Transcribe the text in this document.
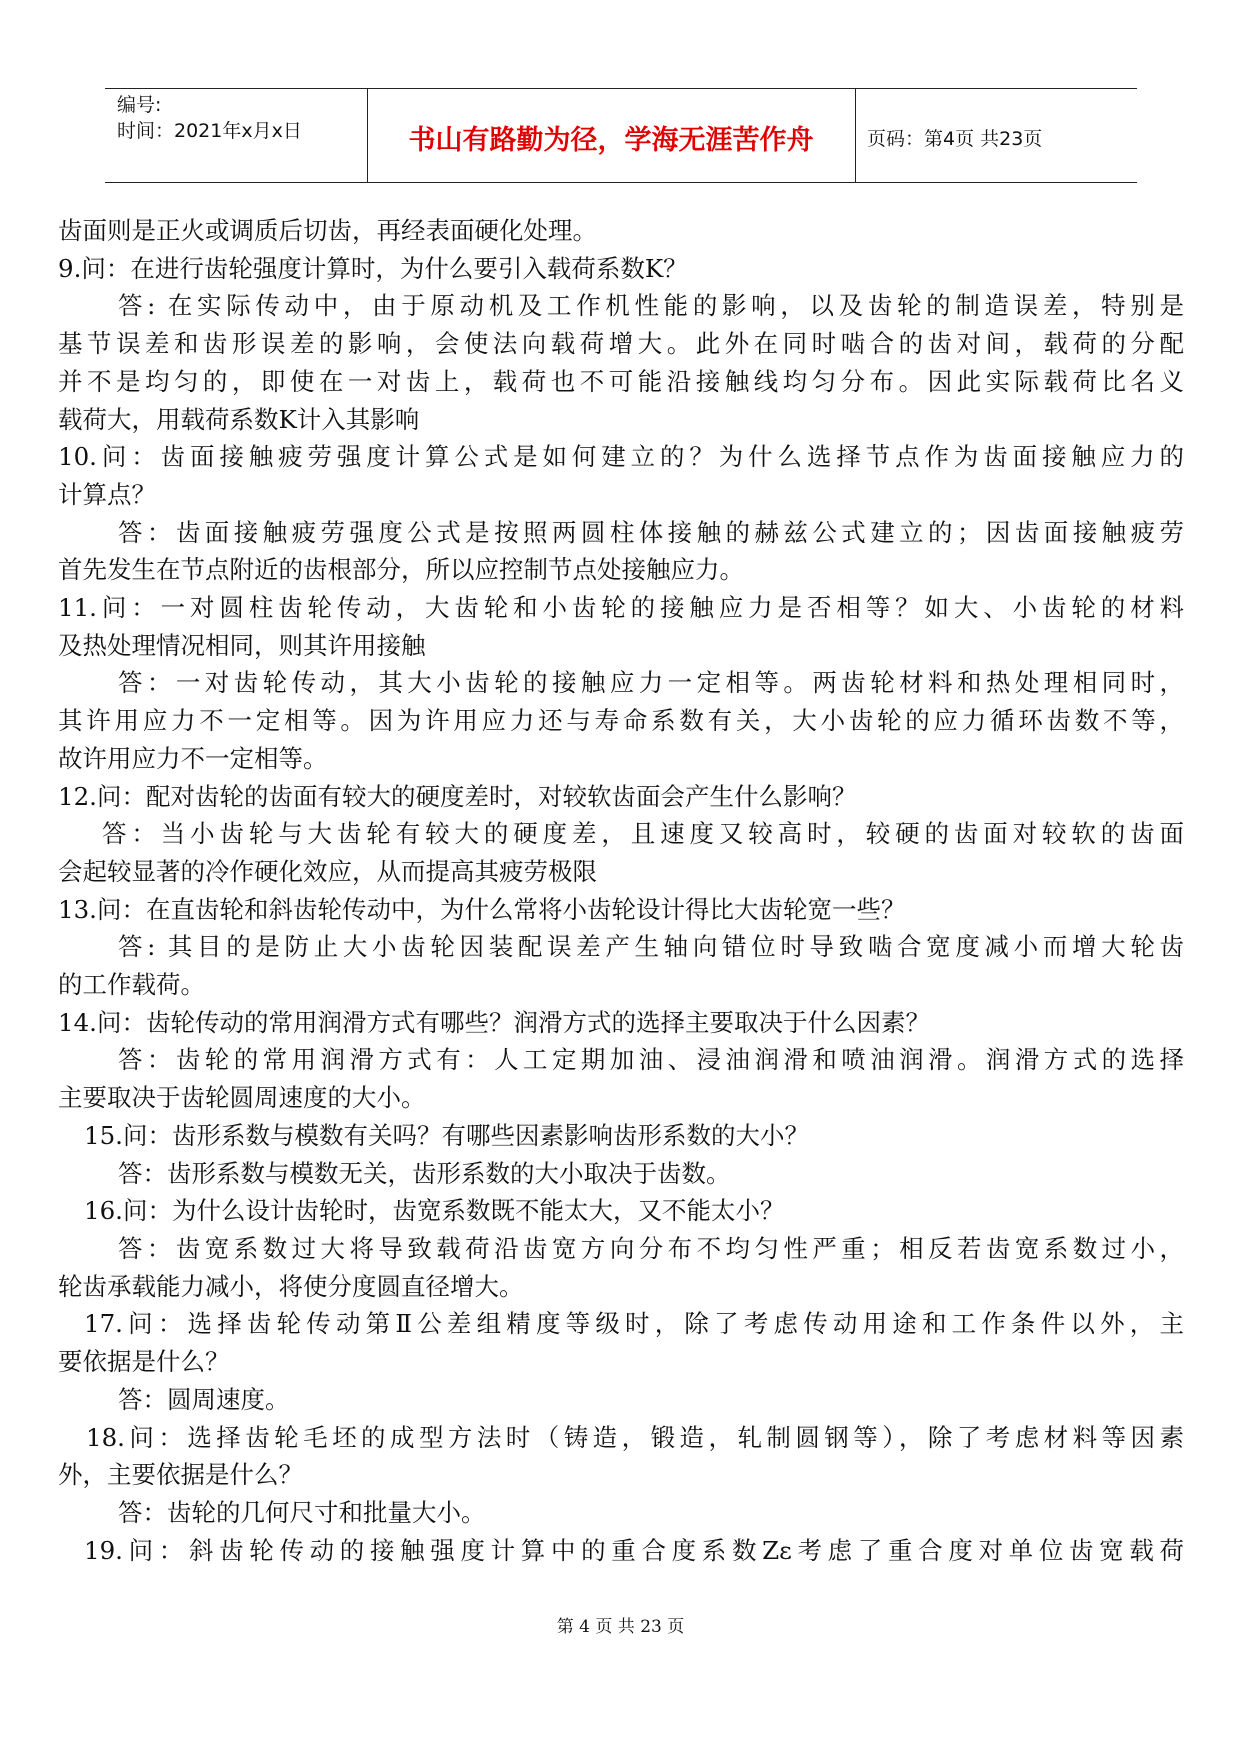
编号:
时间：2021年x月x日	书山有路勤为径，学海无涯苦作舟	页码：第4页 共23页

齿面则是正火或调质后切齿，再经表面硬化处理。

9.问：在进行齿轮强度计算时，为什么要引入载荷系数K？

答: 在实际传动中，由于原动机及工作机性能的影响，以及齿轮的制造误差，特别是

基节误差和齿形误差的影响，会使法向载荷增大。此外在同时啮合的齿对间，载荷的分配

并不是均匀的，即使在一对齿上，载荷也不可能沿接触线均匀分布。因此实际载荷比名义

载荷大，用载荷系数K计入其影响

10.问：齿面接触疲劳强度计算公式是如何建立的？为什么选择节点作为齿面接触应力的

计算点？

答：齿面接触疲劳强度公式是按照两圆柱体接触的赫兹公式建立的；因齿面接触疲劳

首先发生在节点附近的齿根部分，所以应控制节点处接触应力。

11.问：一对圆柱齿轮传动，大齿轮和小齿轮的接触应力是否相等？如大、小齿轮的材料

及热处理情况相同，则其许用接触

答：一对齿轮传动，其大小齿轮的接触应力一定相等。两齿轮材料和热处理相同时，

其许用应力不一定相等。因为许用应力还与寿命系数有关，大小齿轮的应力循环齿数不等，

故许用应力不一定相等。

12.问：配对齿轮的齿面有较大的硬度差时，对较软齿面会产生什么影响？

答：当小齿轮与大齿轮有较大的硬度差，且速度又较高时，较硬的齿面对较软的齿面

会起较显著的冷作硬化效应，从而提高其疲劳极限

13.问：在直齿轮和斜齿轮传动中，为什么常将小齿轮设计得比大齿轮宽一些？

答: 其目的是防止大小齿轮因装配误差产生轴向错位时导致啮合宽度减小而增大轮齿

的工作载荷。

14.问：齿轮传动的常用润滑方式有哪些？润滑方式的选择主要取决于什么因素？

答：齿轮的常用润滑方式有：人工定期加油、浸油润滑和喷油润滑。润滑方式的选择

主要取决于齿轮圆周速度的大小。

15.问：齿形系数与模数有关吗？有哪些因素影响齿形系数的大小？

答：齿形系数与模数无关，齿形系数的大小取决于齿数。

16.问：为什么设计齿轮时，齿宽系数既不能太大，又不能太小？

答：齿宽系数过大将导致载荷沿齿宽方向分布不均匀性严重；相反若齿宽系数过小，

轮齿承载能力减小，将使分度圆直径增大。

17.问：选择齿轮传动第Ⅱ公差组精度等级时，除了考虑传动用途和工作条件以外，主

要依据是什么？

答：圆周速度。

18.问：选择齿轮毛坯的成型方法时（铸造，锻造，轧制圆钢等），除了考虑材料等因素

外，主要依据是什么？

答：齿轮的几何尺寸和批量大小。

19.问：斜齿轮传动的接触强度计算中的重合度系数Zε考虑了重合度对单位齿宽载荷

第 4 页 共 23 页
